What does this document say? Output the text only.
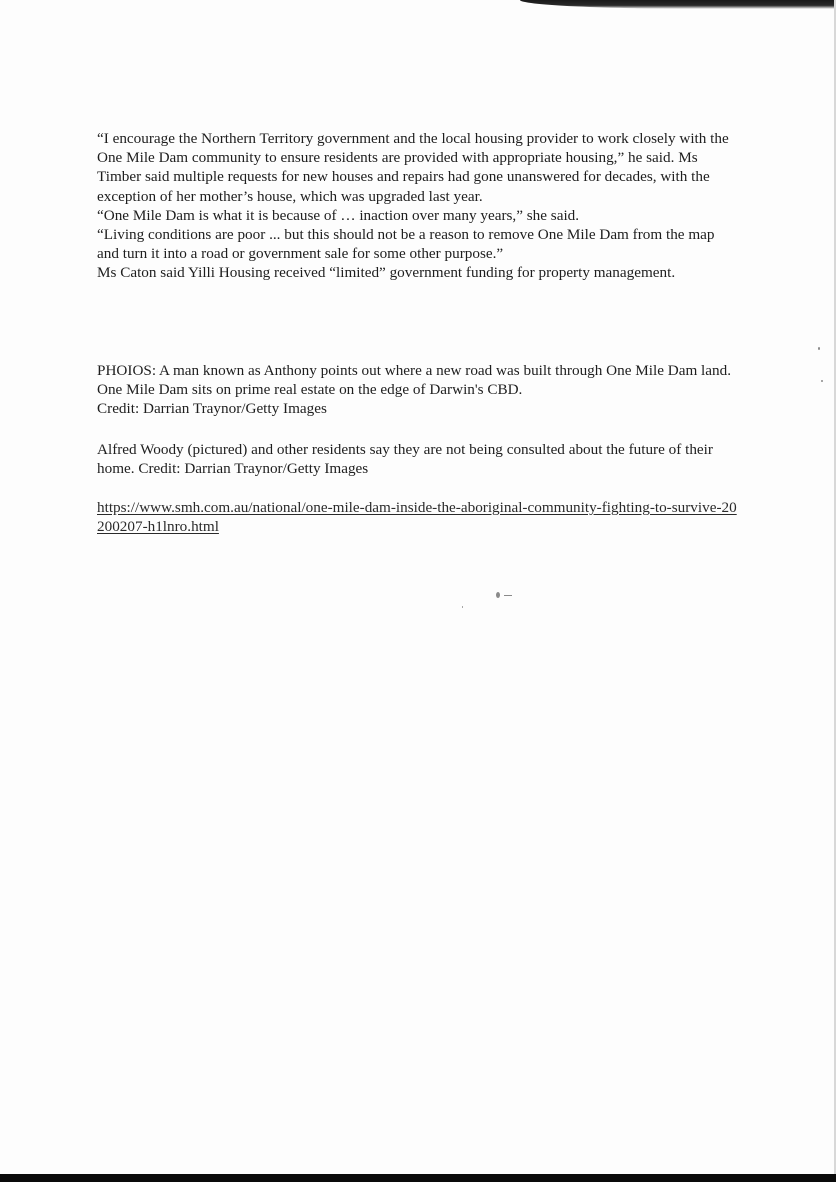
“I encourage the Northern Territory government and the local housing provider to work closely with the One Mile Dam community to ensure residents are provided with appropriate housing,” he said. Ms Timber said multiple requests for new houses and repairs had gone unanswered for decades, with the exception of her mother’s house, which was upgraded last year.

“One Mile Dam is what it is because of … inaction over many years,” she said.

“Living conditions are poor ... but this should not be a reason to remove One Mile Dam from the map and turn it into a road or government sale for some other purpose.”

Ms Caton said Yilli Housing received “limited” government funding for property management.

PHOIOS: A man known as Anthony points out where a new road was built through One Mile Dam land. One Mile Dam sits on prime real estate on the edge of Darwin's CBD.

Credit: Darrian Traynor/Getty Images

Alfred Woody (pictured) and other residents say they are not being consulted about the future of their home. Credit: Darrian Traynor/Getty Images

https://www.smh.com.au/national/one-mile-dam-inside-the-aboriginal-community-fighting-to-survive-20200207-h1lnro.html
